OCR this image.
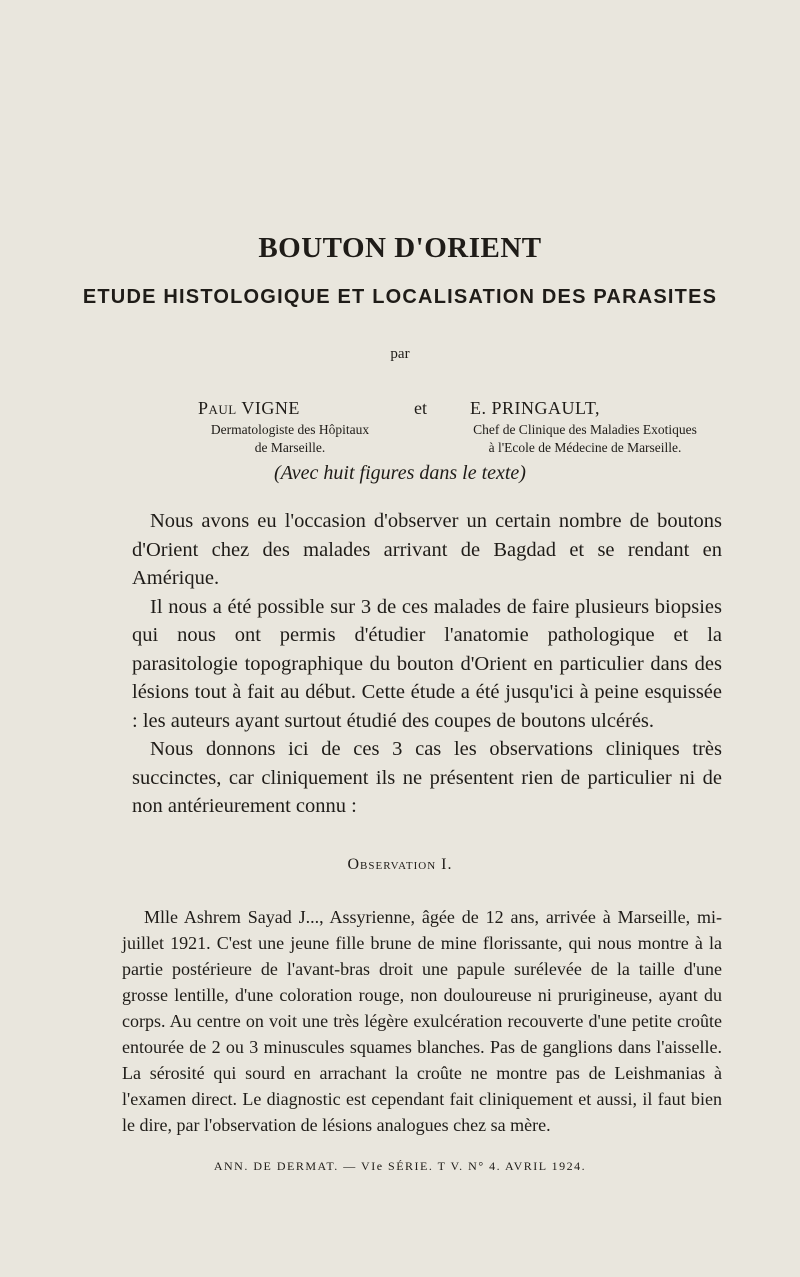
BOUTON D'ORIENT
ETUDE HISTOLOGIQUE ET LOCALISATION DES PARASITES
par
Paul VIGNE	et E. PRINGAULT,
Dermatologiste des Hôpitaux
de Marseille.
Chef de Clinique des Maladies Exotiques
à l'Ecole de Médecine de Marseille.
(Avec huit figures dans le texte)

Nous avons eu l'occasion d'observer un certain nombre de boutons d'Orient chez des malades arrivant de Bagdad et se rendant en Amérique.

Il nous a été possible sur 3 de ces malades de faire plusieurs biopsies qui nous ont permis d'étudier l'anatomie pathologique et la parasitologie topographique du bouton d'Orient en particulier dans des lésions tout à fait au début. Cette étude a été jusqu'ici à peine esquissée : les auteurs ayant surtout étudié des coupes de boutons ulcérés.

Nous donnons ici de ces 3 cas les observations cliniques très succinctes, car cliniquement ils ne présentent rien de particulier ni de non antérieurement connu :

Observation I.

Mlle Ashrem Sayad J..., Assyrienne, âgée de 12 ans, arrivée à Marseille, mi-juillet 1921. C'est une jeune fille brune de mine florissante, qui nous montre à la partie postérieure de l'avant-bras droit une papule surélevée de la taille d'une grosse lentille, d'une coloration rouge, non douloureuse ni prurigineuse, ayant du corps. Au centre on voit une très légère exulcération recouverte d'une petite croûte entourée de 2 ou 3 minuscules squames blanches. Pas de ganglions dans l'aisselle. La sérosité qui sourd en arrachant la croûte ne montre pas de Leishmanias à l'examen direct. Le diagnostic est cependant fait cliniquement et aussi, il faut bien le dire, par l'observation de lésions analogues chez sa mère.

ANN. DE DERMAT. — VIe SÉRIE. T V. N° 4. AVRIL 1924.
